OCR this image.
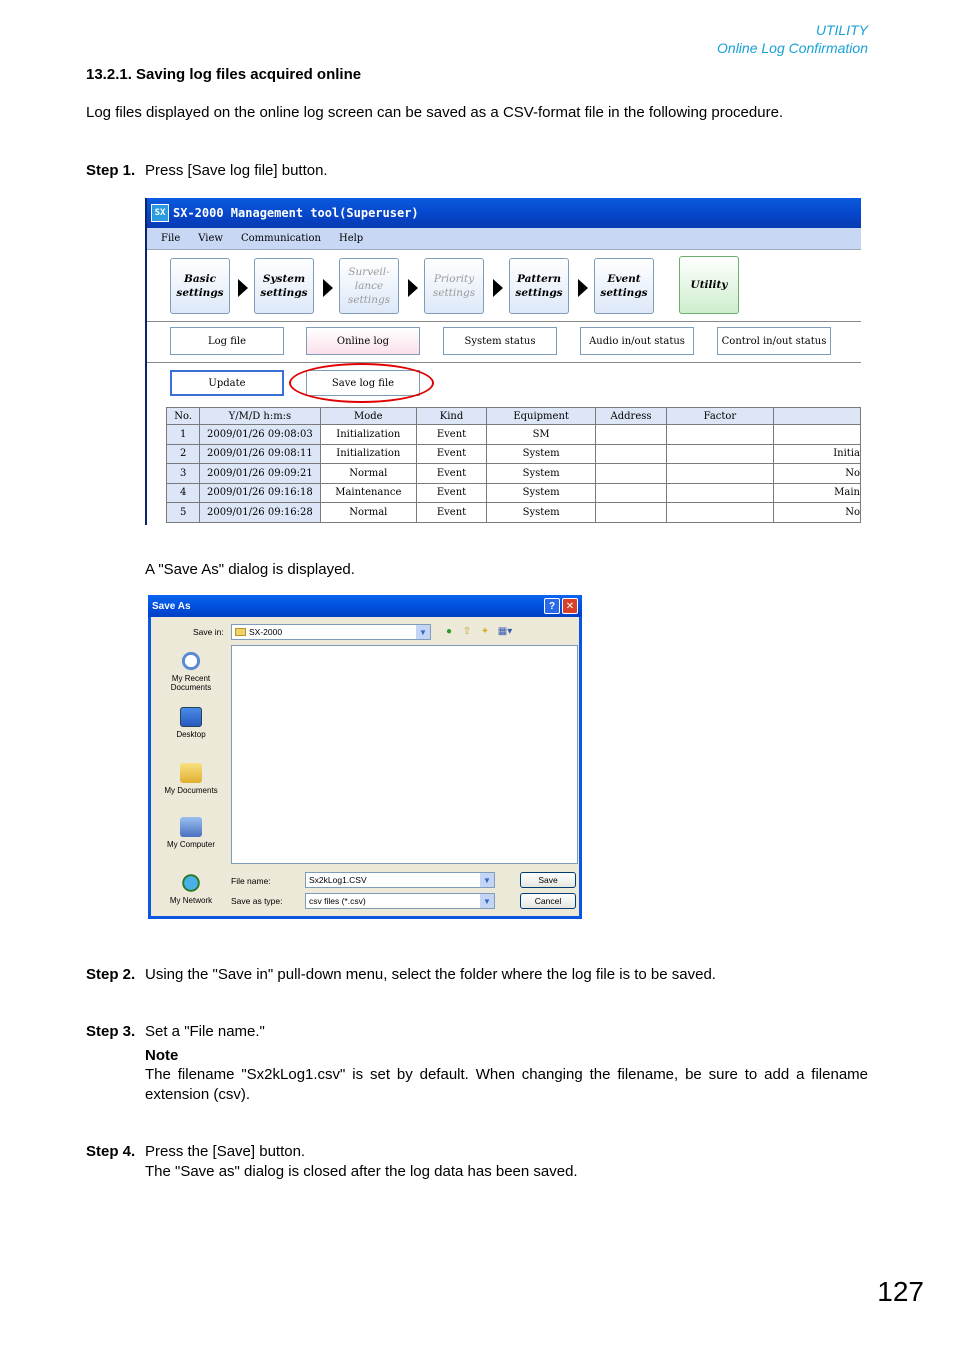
UTILITY
Online Log Confirmation
13.2.1. Saving log files acquired online
Log files displayed on the online log screen can be saved as a CSV-format file in the following procedure.
Step 1. Press [Save log file] button.
SX SX-2000 Management tool(Superuser)
File View Communication Help
Basic
settings
System
settings
Surveil-
lance
settings
Priority
settings
Pattern
settings
Event
settings
Utility
Log file	Online log	System status	Audio in/out status	Control in/out status
Update	Save log file
No.	Y/M/D h:m:s	Mode	Kind	Equipment	Address	Factor	
1	2009/01/26 09:08:03	Initialization	Event	SM			
2	2009/01/26 09:08:11	Initialization	Event	System			Initia
3	2009/01/26 09:09:21	Normal	Event	System			No
4	2009/01/26 09:16:18	Maintenance	Event	System			Main
5	2009/01/26 09:16:28	Normal	Event	System			No
A "Save As" dialog is displayed.
Save As	?	✕
Save in:	SX-2000	▼	●	⇧ ✦ ▦▾
My Recent
Documents
Desktop
My Documents
My Computer
My Network
File name:	Sx2kLog1.CSV	▼
Save as type:	csv files (*.csv)	▼
Save
Cancel
Step 2. Using the "Save in" pull-down menu, select the folder where the log file is to be saved.
Step 3. Set a "File name."
Note
The filename "Sx2kLog1.csv" is set by default. When changing the filename, be sure to add a filename extension (csv).
Step 4. Press the [Save] button.
The "Save as" dialog is closed after the log data has been saved.
127
